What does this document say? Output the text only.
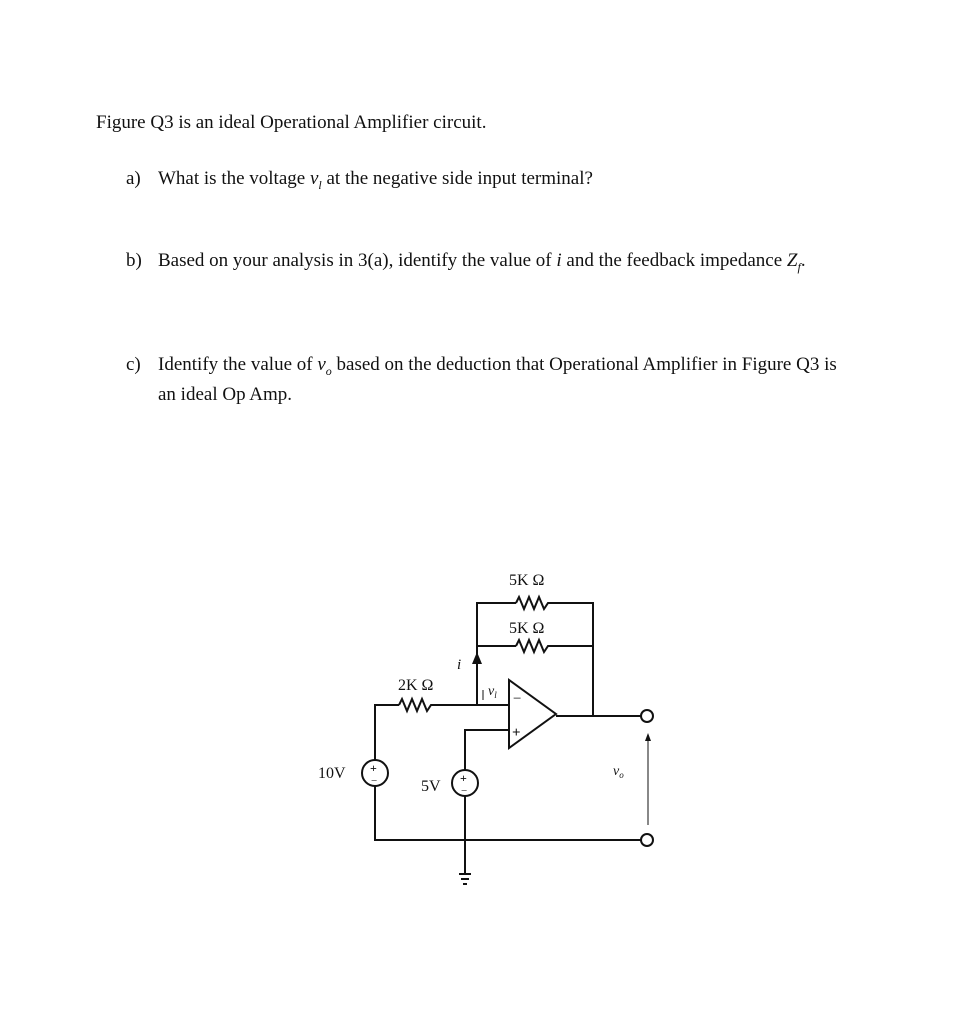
Figure Q3 is an ideal Operational Amplifier circuit.
a) What is the voltage $v_l$ at the negative side input terminal?
b) Based on your analysis in 3(a), identify the value of i and the feedback impedance $Z_f$.
c) Identify the value of $v_o$ based on the deduction that Operational Amplifier in Figure Q3 is
an ideal Op Amp.
5K Ω
5K Ω
2K Ω
10V
5V
i
$v_l$
$v_o$
−
+
+
−	+
−
